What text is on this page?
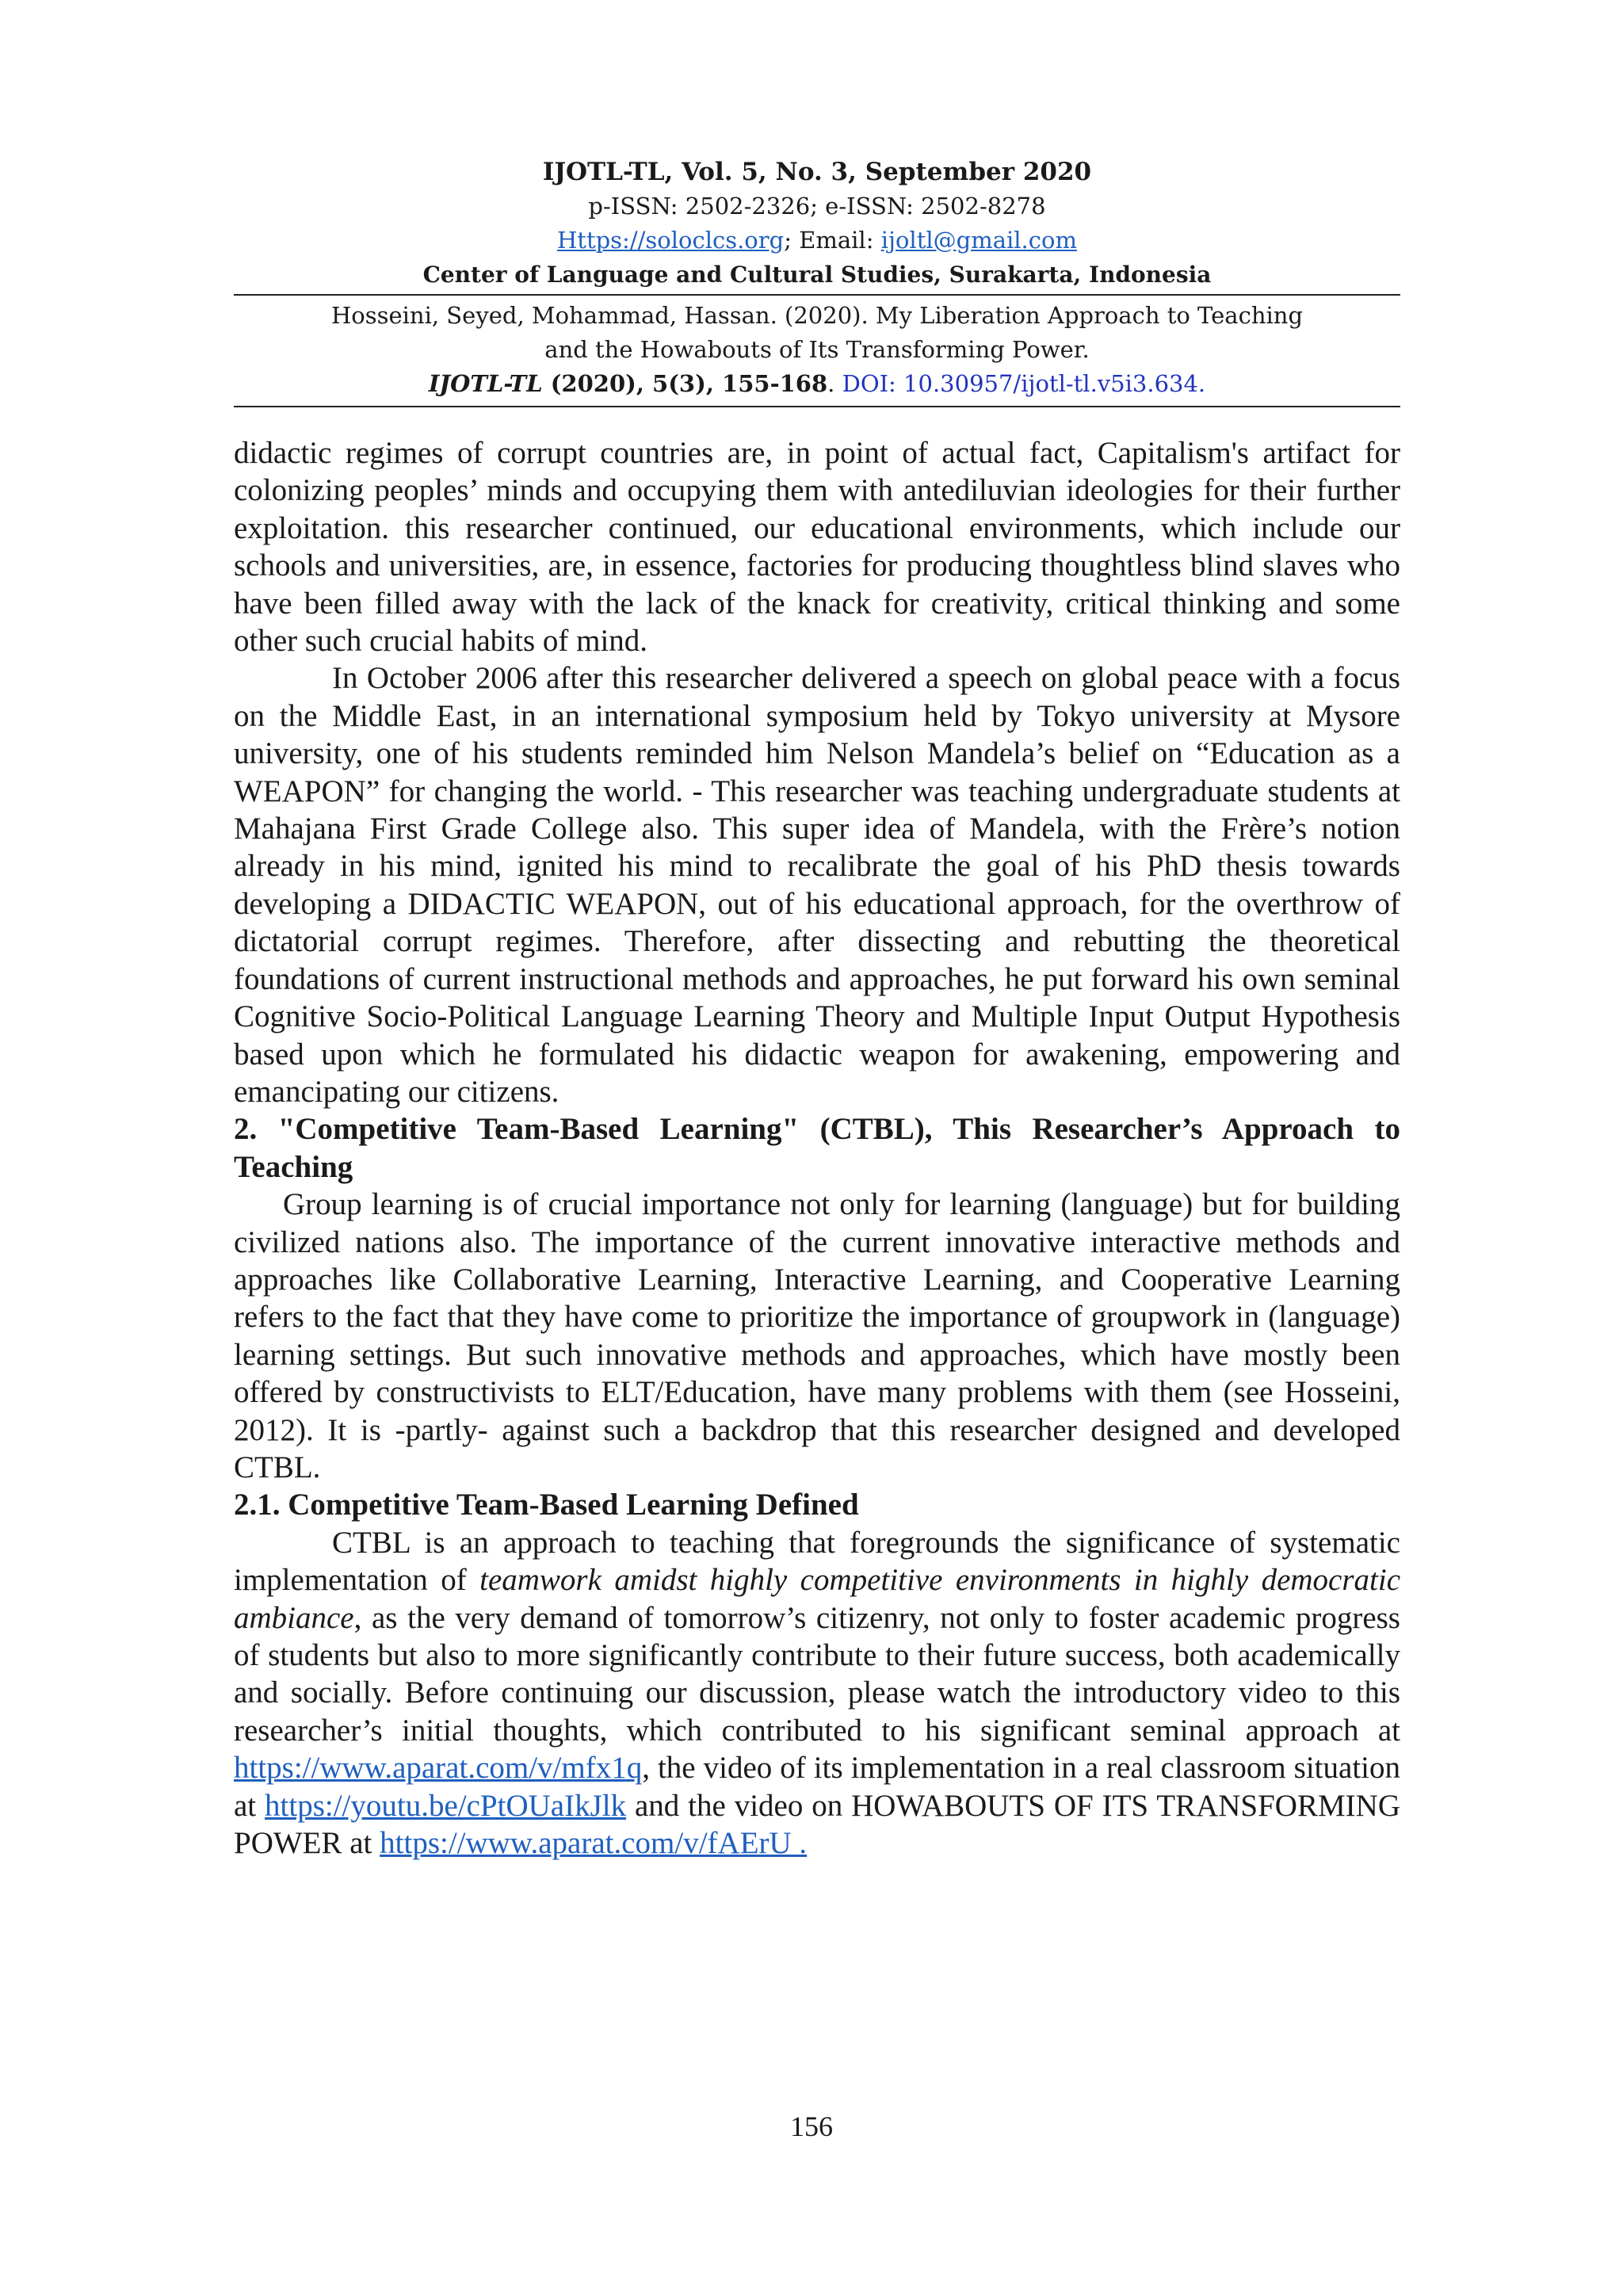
IJOTL-TL, Vol. 5, No. 3, September 2020
p-ISSN: 2502-2326; e-ISSN: 2502-8278
Https://soloclcs.org; Email: ijoltl@gmail.com
Center of Language and Cultural Studies, Surakarta, Indonesia
Hosseini, Seyed, Mohammad, Hassan. (2020). My Liberation Approach to Teaching
and the Howabouts of Its Transforming Power.
IJOTL-TL (2020), 5(3), 155-168. DOI: 10.30957/ijotl-tl.v5i3.634.

didactic regimes of corrupt countries are, in point of actual fact, Capitalism's artifact for colonizing peoples’ minds and occupying them with antediluvian ideologies for their further exploitation. this researcher continued, our educational environments, which include our schools and universities, are, in essence, factories for producing thoughtless blind slaves who have been filled away with the lack of the knack for creativity, critical thinking and some other such crucial habits of mind.

In October 2006 after this researcher delivered a speech on global peace with a focus on the Middle East, in an international symposium held by Tokyo university at Mysore university, one of his students reminded him Nelson Mandela’s belief on “Education as a WEAPON” for changing the world. - This researcher was teaching undergraduate students at Mahajana First Grade College also. This super idea of Mandela, with the Frère’s notion already in his mind, ignited his mind to recalibrate the goal of his PhD thesis towards developing a DIDACTIC WEAPON, out of his educational approach, for the overthrow of dictatorial corrupt regimes. Therefore, after dissecting and rebutting the theoretical foundations of current instructional methods and approaches, he put forward his own seminal Cognitive Socio-Political Language Learning Theory and Multiple Input Output Hypothesis based upon which he formulated his didactic weapon for awakening, empowering and emancipating our citizens.

2. "Competitive Team-Based Learning" (CTBL), This Researcher’s Approach to Teaching

Group learning is of crucial importance not only for learning (language) but for building civilized nations also. The importance of the current innovative interactive methods and approaches like Collaborative Learning, Interactive Learning, and Cooperative Learning refers to the fact that they have come to prioritize the importance of groupwork in (language) learning settings. But such innovative methods and approaches, which have mostly been offered by constructivists to ELT/Education, have many problems with them (see Hosseini, 2012). It is -partly- against such a backdrop that this researcher designed and developed CTBL.

2.1. Competitive Team-Based Learning Defined

CTBL is an approach to teaching that foregrounds the significance of systematic implementation of teamwork amidst highly competitive environments in highly democratic ambiance, as the very demand of tomorrow’s citizenry, not only to foster academic progress of students but also to more significantly contribute to their future success, both academically and socially. Before continuing our discussion, please watch the introductory video to this researcher’s initial thoughts, which contributed to his significant seminal approach at https://www.aparat.com/v/mfx1q, the video of its implementation in a real classroom situation at https://youtu.be/cPtOUaIkJlk and the video on HOWABOUTS OF ITS TRANSFORMING POWER at https://www.aparat.com/v/fAErU .

156
